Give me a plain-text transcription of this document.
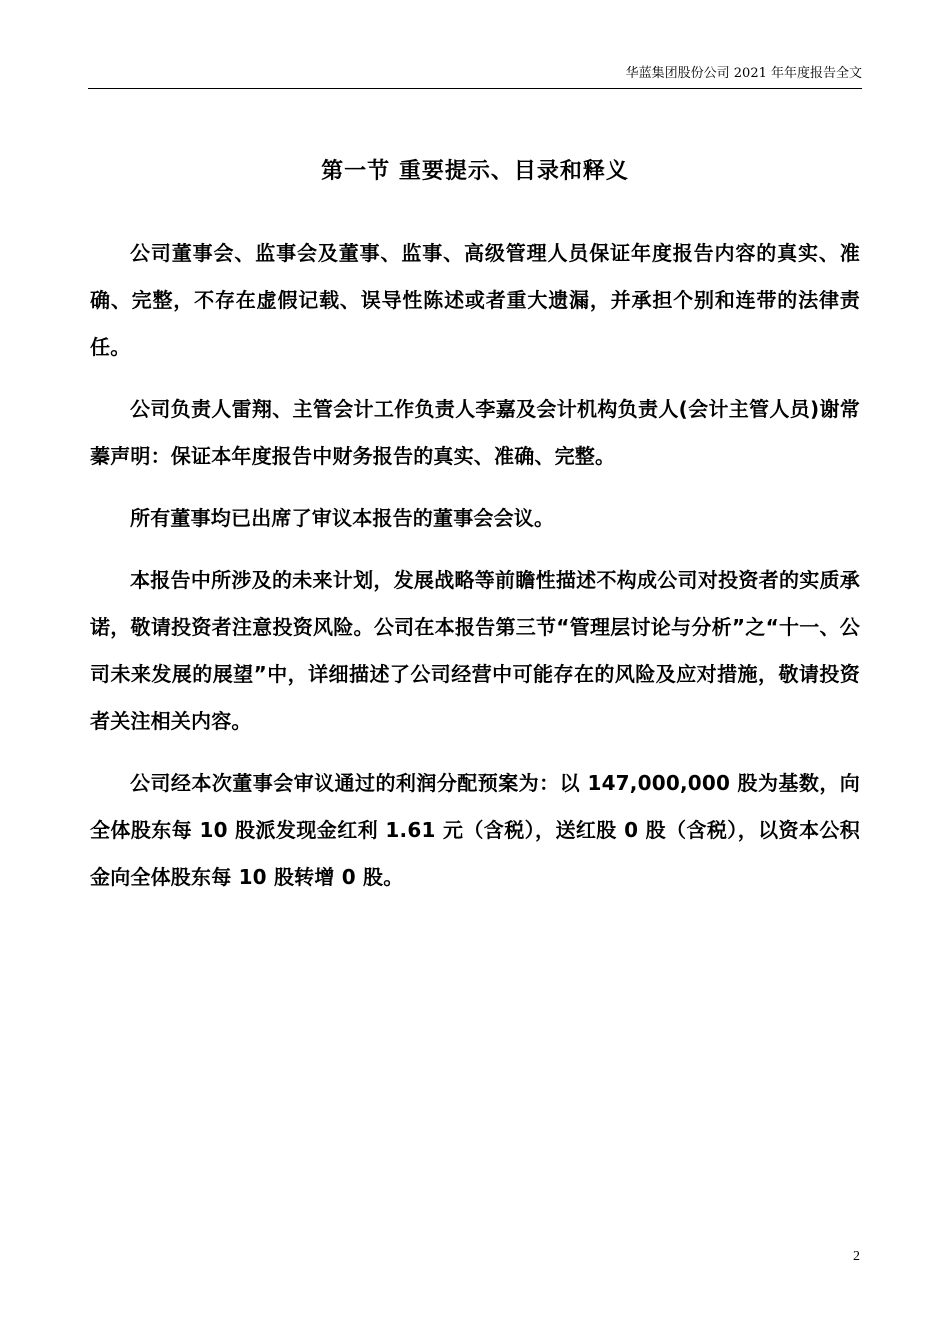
华蓝集团股份公司 2021 年年度报告全文
第一节 重要提示、目录和释义

公司董事会、监事会及董事、监事、高级管理人员保证年度报告内容的真实、准确、完整，不存在虚假记载、误导性陈述或者重大遗漏，并承担个别和连带的法律责任。

公司负责人雷翔、主管会计工作负责人李嘉及会计机构负责人(会计主管人员)谢常蓁声明：保证本年度报告中财务报告的真实、准确、完整。

所有董事均已出席了审议本报告的董事会会议。

本报告中所涉及的未来计划，发展战略等前瞻性描述不构成公司对投资者的实质承诺，敬请投资者注意投资风险。公司在本报告第三节“管理层讨论与分析”之“十一、公司未来发展的展望”中，详细描述了公司经营中可能存在的风险及应对措施，敬请投资者关注相关内容。

公司经本次董事会审议通过的利润分配预案为：以 147,000,000 股为基数，向全体股东每 10 股派发现金红利 1.61 元（含税），送红股 0 股（含税），以资本公积金向全体股东每 10 股转增 0 股。

2
